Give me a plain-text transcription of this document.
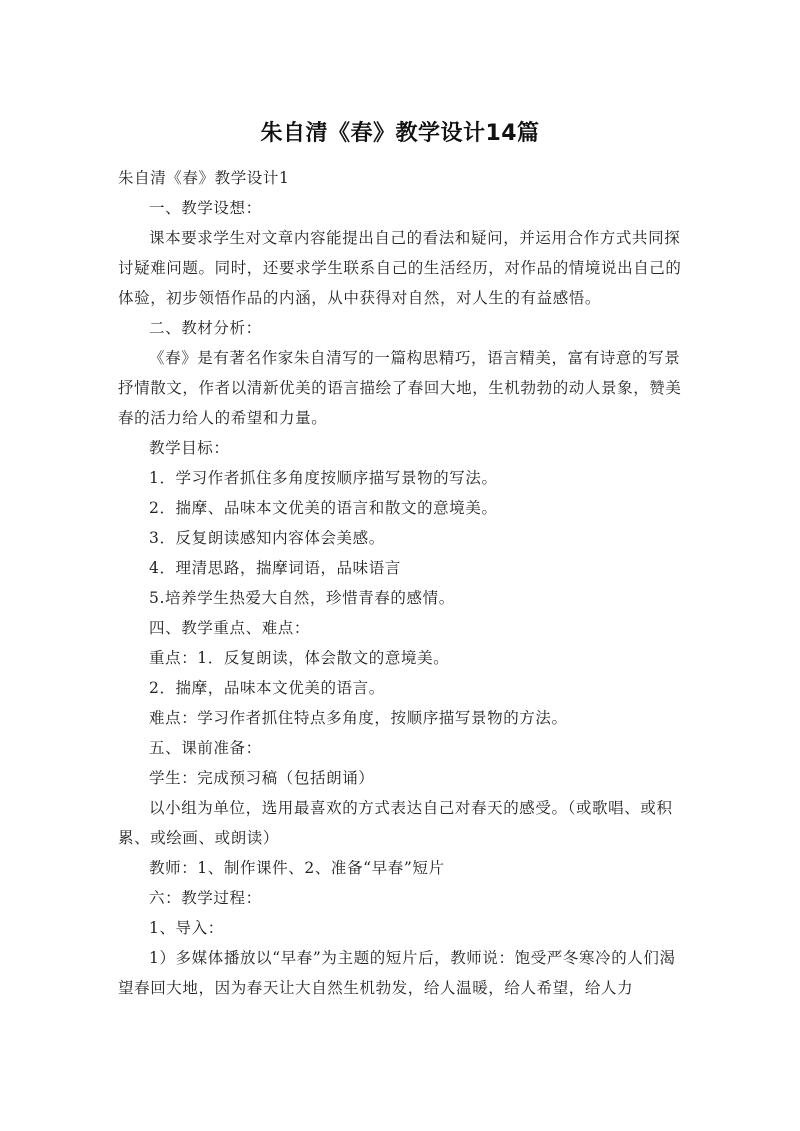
朱自清《春》教学设计14篇

朱自清《春》教学设计1

一、教学设想：

课本要求学生对文章内容能提出自己的看法和疑问，并运用合作方式共同探讨疑难问题。同时，还要求学生联系自己的生活经历，对作品的情境说出自己的体验，初步领悟作品的内涵，从中获得对自然，对人生的有益感悟。

二、教材分析：

《春》是有著名作家朱自清写的一篇构思精巧，语言精美，富有诗意的写景抒情散文，作者以清新优美的语言描绘了春回大地，生机勃勃的动人景象，赞美春的活力给人的希望和力量。

教学目标：

1．学习作者抓住多角度按顺序描写景物的写法。

2．揣摩、品味本文优美的语言和散文的意境美。

3．反复朗读感知内容体会美感。

4．理清思路，揣摩词语，品味语言

5.培养学生热爱大自然，珍惜青春的感情。

四、教学重点、难点：

重点：1．反复朗读，体会散文的意境美。

2．揣摩，品味本文优美的语言。

难点：学习作者抓住特点多角度，按顺序描写景物的方法。

五、课前准备：

学生：完成预习稿（包括朗诵）

以小组为单位，选用最喜欢的方式表达自己对春天的感受。（或歌唱、或积累、或绘画、或朗读）

教师：1、制作课件、2、准备“早春”短片

六：教学过程：

1、导入：

1）多媒体播放以“早春”为主题的短片后，教师说：饱受严冬寒冷的人们渴望春回大地，因为春天让大自然生机勃发，给人温暖，给人希望，给人力
